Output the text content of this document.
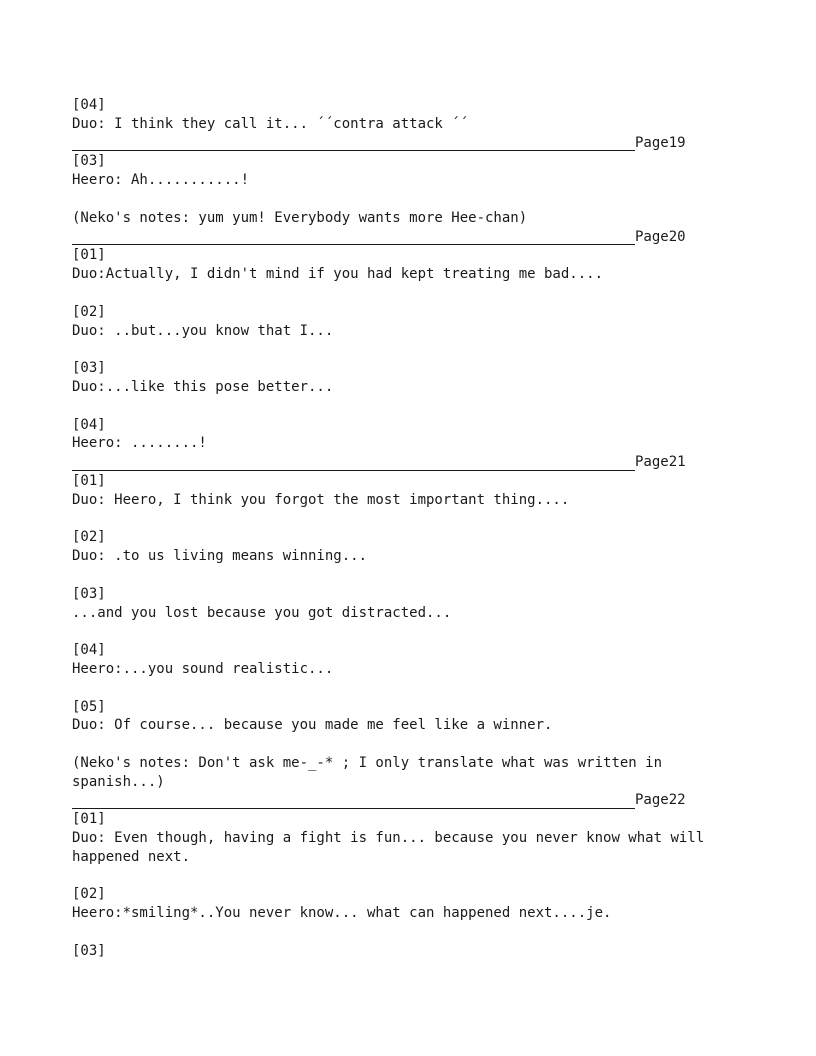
[04]
Duo: I think they call it... ´´contra attack ´´
Page19
[03]
Heero: Ah...........!
(Neko's notes: yum yum! Everybody wants more Hee-chan)
Page20
[01]
Duo:Actually, I didn't mind if you had kept treating me bad....
[02]
Duo: ..but...you know that I...
[03]
Duo:...like this pose better...
[04]
Heero: ........!
Page21
[01]
Duo: Heero, I think you forgot the most important thing....
[02]
Duo: .to us living means winning...
[03]
...and you lost because you got distracted...
[04]
Heero:...you sound realistic...
[05]
Duo: Of course... because you made me feel like a winner.
(Neko's notes: Don't ask me-_-* ; I only translate what was written in
spanish...)
Page22
[01]
Duo: Even though, having a fight is fun... because you never know what will
happened next.
[02]
Heero:*smiling*..You never know... what can happened next....je.
[03]
